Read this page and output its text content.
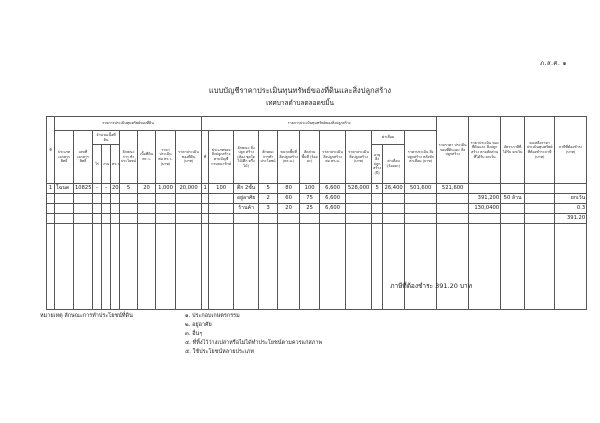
ภ.ส.ศ. ๑
แบบบัญชีราคาประเมินทุนทรัพย์ของที่ดินและสิ่งปลูกสร้าง
เทศบาลตำบลตลอดขมิ้น
ที่	รายการประเมินทุนทรัพย์ของที่ดิน									รายการประเมินทุนทรัพย์ของสิ่งปลูกสร้าง											รวมราคา ประเมิน ของที่ดินและ สิ่งปลูกสร้าง	ราคาประเมิน ของที่ดินและ สิ่งปลูกสร้าง ตามสัดส่วน ที่ได้รับ ยกเว้น	อัตราภาษีที่ได้รับ ยกเว้น	คงเหลือราคา ประเมินทุนทรัพย์ ที่ต้องชำระภาษี (บาท)	ภาษีที่ต้องชำระ (บาท)
	ประเภท เอกสาร สิทธิ์	เลขที่ เอกสาร สิทธิ์	จำนวนเนื้อที่ดิน			ลักษณะ การ ทำ ประโยชน์	เนื้อที่ดิน ตร.ว.	ราคา ประเมิน ต่อ ตร.ว. (บาท)	ราคาประเมิน ของที่ดิน (บาท)	ที่	ประเภทของ สิ่งปลูกสร้าง ตามบัญชี กรมธนารักษ์	ลักษณะ สิ่งปลูก สร้าง (ห้อง ชุดใด ไม้/ตึก ครึ่งไม้)	ลักษณะ การทำ ประโยชน์	ขนาดพื้นที่ สิ่งปลูกสร้าง (ตร.ม.)	สัดส่วน พื้นที่ (ร้อยละ)	ราคาประเมิน สิ่งปลูกสร้าง ต่อ ตร.ม.	ราคาประเมิน สิ่งปลูกสร้าง (บาท)	ค่าเสื่อม		ราคาประเมิน สิ่งปลูกสร้าง หลังหักค่าเสื่อม (บาท)					
			ไร่	งาน	ตร.ว.													อายุ สิ่งปลูก สร้าง (ปี)	ค่าเสื่อม (ร้อยละ)						
1	โฉนด	10825	-	-	20	5	20	1,000	20,000	1	100	ตึก 2ชั้น	5	80	100	6,600	528,000	5	26,400	501,600	521,600				
												อยู่อาศัย	2	60	75	6,600						391,200	50 ล้าน		ยกเว้น
												ร้านค้า	3	20	25	6,600						130,0400			0.3
																									391.20

ภาษีที่ต้องชำระ 391.20 บาท
หมายเหตุ ลักษณะการทำประโยชน์ที่ดิน	๑. ประกอบเกษตรกรรม
๒. อยู่อาศัย
๓. อื่นๆ
๔. ที่ทิ้งไว้ว่างเปล่าหรือไม่ได้ทำประโยชน์ตามควรแก่สภาพ
๕. ใช้ประโยชน์หลายประเภท
